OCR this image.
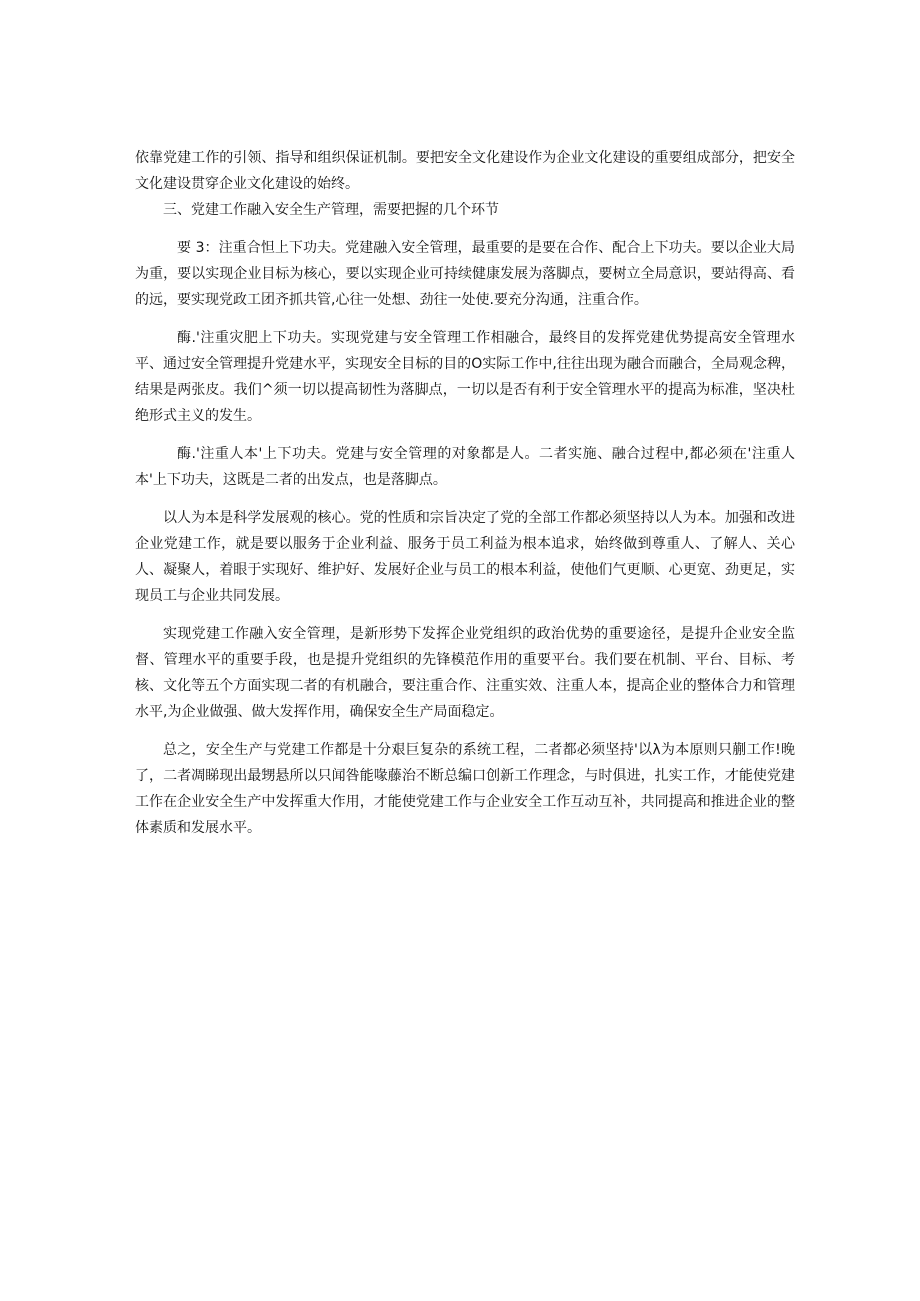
依靠党建工作的引领、指导和组织保证机制。要把安全文化建设作为企业文化建设的重要组成部分，把安全文化建设贯穿企业文化建设的始终。

三、党建工作融入安全生产管理，需要把握的几个环节

要 3：注重合怛上下功夫。党建融入安全管理，最重要的是要在合作、配合上下功夫。要以企业大局为重，要以实现企业目标为核心，要以实现企业可持续健康发展为落脚点，要树立全局意识，要站得高、看的远，要实现党政工团齐抓共管,心往一处想、劲往一处使.要充分沟通，注重合作。

酶.'注重灾肥上下功夫。实现党建与安全管理工作相融合，最终目的发挥党建优势提高安全管理水平、通过安全管理提升党建水平，实现安全目标的目的O实际工作中,往往出现为融合而融合，全局观念稗，结果是两张皮。我们^须一切以提高韧性为落脚点，一切以是否有利于安全管理水平的提高为标准，坚决杜绝形式主义的发生。

酶.'注重人本'上下功夫。党建与安全管理的对象都是人。二者实施、融合过程中,都必须在'注重人本'上下功夫，这既是二者的出发点，也是落脚点。

以人为本是科学发展观的核心。党的性质和宗旨决定了党的全部工作都必须坚持以人为本。加强和改进企业党建工作，就是要以服务于企业利益、服务于员工利益为根本追求，始终做到尊重人、了解人、关心人、凝聚人，着眼于实现好、维护好、发展好企业与员工的根本利益，使他们气更顺、心更宽、劲更足，实现员工与企业共同发展。

实现党建工作融入安全管理，是新形势下发挥企业党组织的政治优势的重要途径，是提升企业安全监督、管理水平的重要手段，也是提升党组织的先锋模范作用的重要平台。我们要在机制、平台、目标、考核、文化等五个方面实现二者的有机融合，要注重合作、注重实效、注重人本，提高企业的整体合力和管理水平,为企业做强、做大发挥作用，确保安全生产局面稳定。

总之，安全生产与党建工作都是十分艰巨复杂的系统工程，二者都必须坚持'以λ为本原则只蒯工作!晚了，二者凋睇现出最甥悬所以只闻咎能喙藤治不断总编口创新工作理念，与时俱进，扎实工作，才能使党建工作在企业安全生产中发挥重大作用，才能使党建工作与企业安全工作互动互补，共同提高和推进企业的整体素质和发展水平。
